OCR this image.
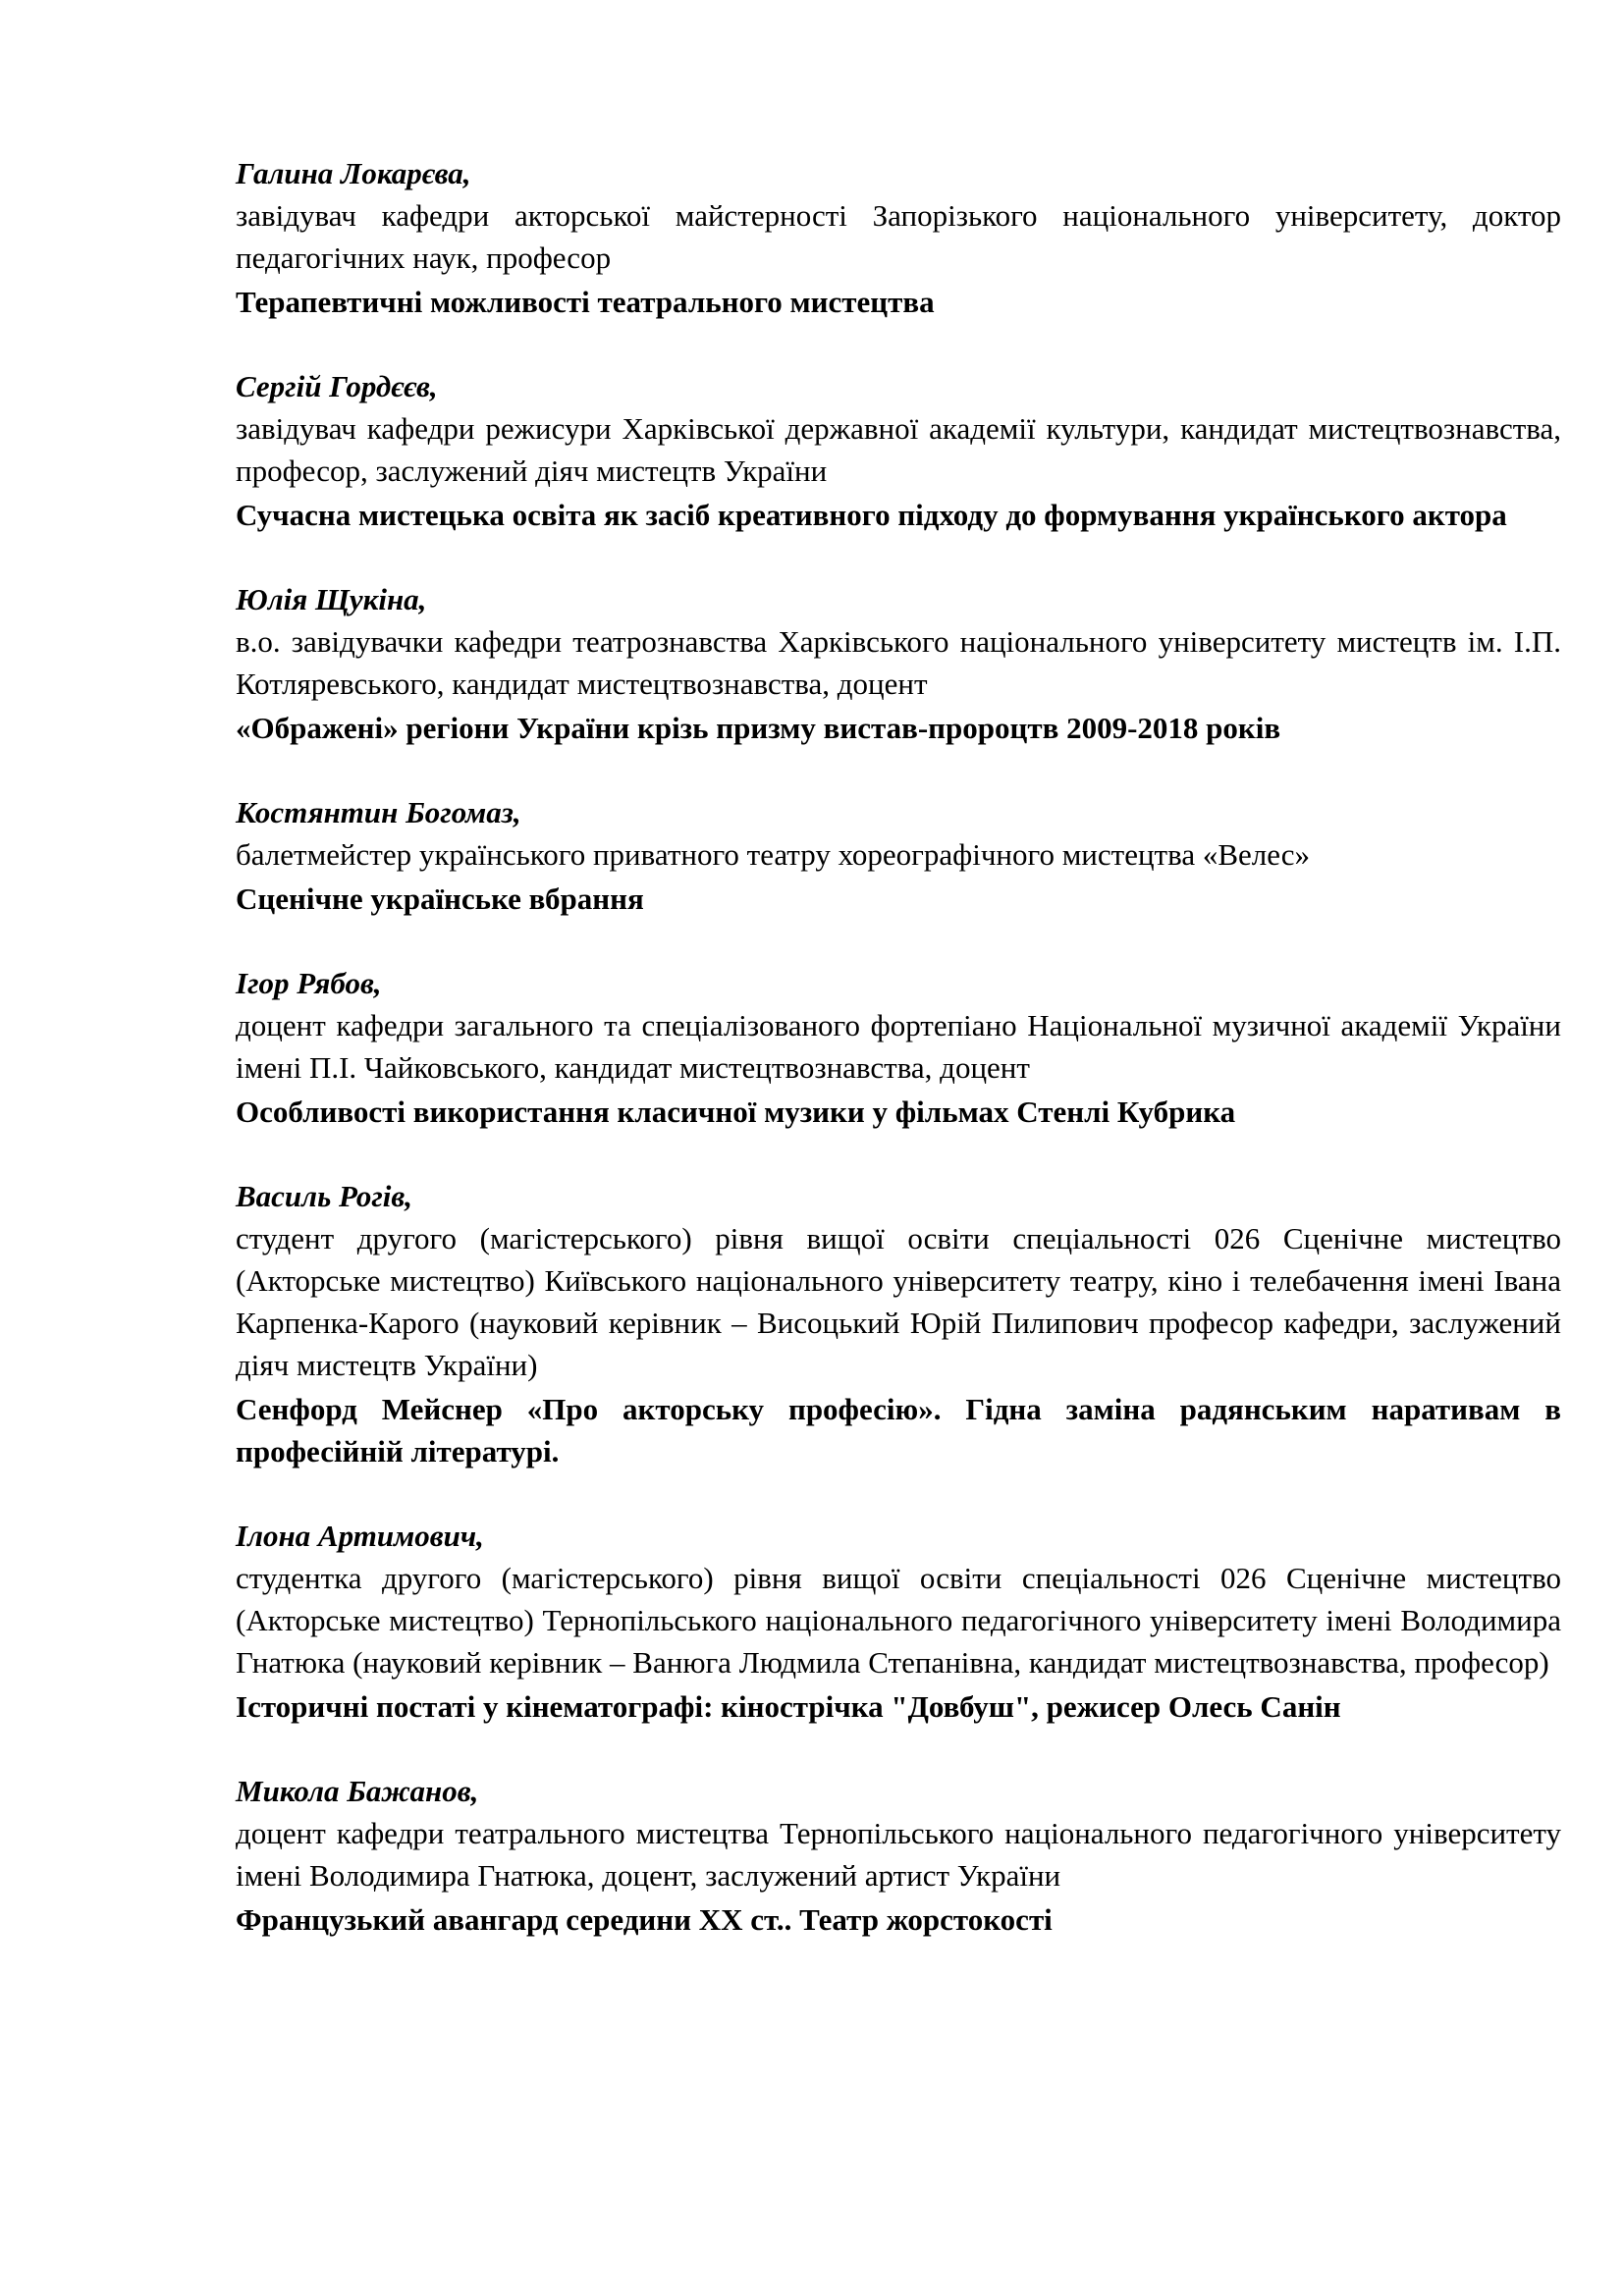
Галина Локарєва,

завідувач кафедри акторської майстерності Запорізького національного університету, доктор педагогічних наук, професор

Терапевтичні можливості театрального мистецтва

Сергій Гордєєв,

завідувач кафедри режисури Харківської державної академії культури, кандидат мистецтвознавства, професор, заслужений діяч мистецтв України

Сучасна мистецька освіта як засіб креативного підходу до формування українського актора

Юлія Щукіна,

в.о. завідувачки кафедри театрознавства Харківського національного університету мистецтв ім. І.П. Котляревського, кандидат мистецтвознавства, доцент

«Ображені» регіони України крізь призму вистав-пророцтв 2009-2018 років

Костянтин Богомаз,

балетмейстер українського приватного театру хореографічного мистецтва «Велес»

Сценічне українське вбрання

Ігор Рябов,

доцент кафедри загального та спеціалізованого фортепіано Національної музичної академії України імені П.І. Чайковського, кандидат мистецтвознавства, доцент

Особливості використання класичної музики у фільмах Стенлі Кубрика

Василь Рогів,

студент другого (магістерського) рівня вищої освіти спеціальності 026 Сценічне мистецтво (Акторське мистецтво) Київського національного університету театру, кіно і телебачення імені Івана Карпенка-Карого (науковий керівник – Висоцький Юрій Пилипович професор кафедри, заслужений діяч мистецтв України)

Сенфорд Мейснер «Про акторську професію». Гідна заміна радянським наративам в професійній літературі.

Ілона Артимович,

студентка другого (магістерського) рівня вищої освіти спеціальності 026 Сценічне мистецтво (Акторське мистецтво) Тернопільського національного педагогічного університету імені Володимира Гнатюка (науковий керівник – Ванюга Людмила Степанівна, кандидат мистецтвознавства, професор)

Історичні постаті у кінематографі: кінострічка "Довбуш", режисер Олесь Санін

Микола Бажанов,

доцент кафедри театрального мистецтва Тернопільського національного педагогічного університету імені Володимира Гнатюка, доцент, заслужений артист України

Французький авангард середини ХХ ст.. Театр жорстокості
